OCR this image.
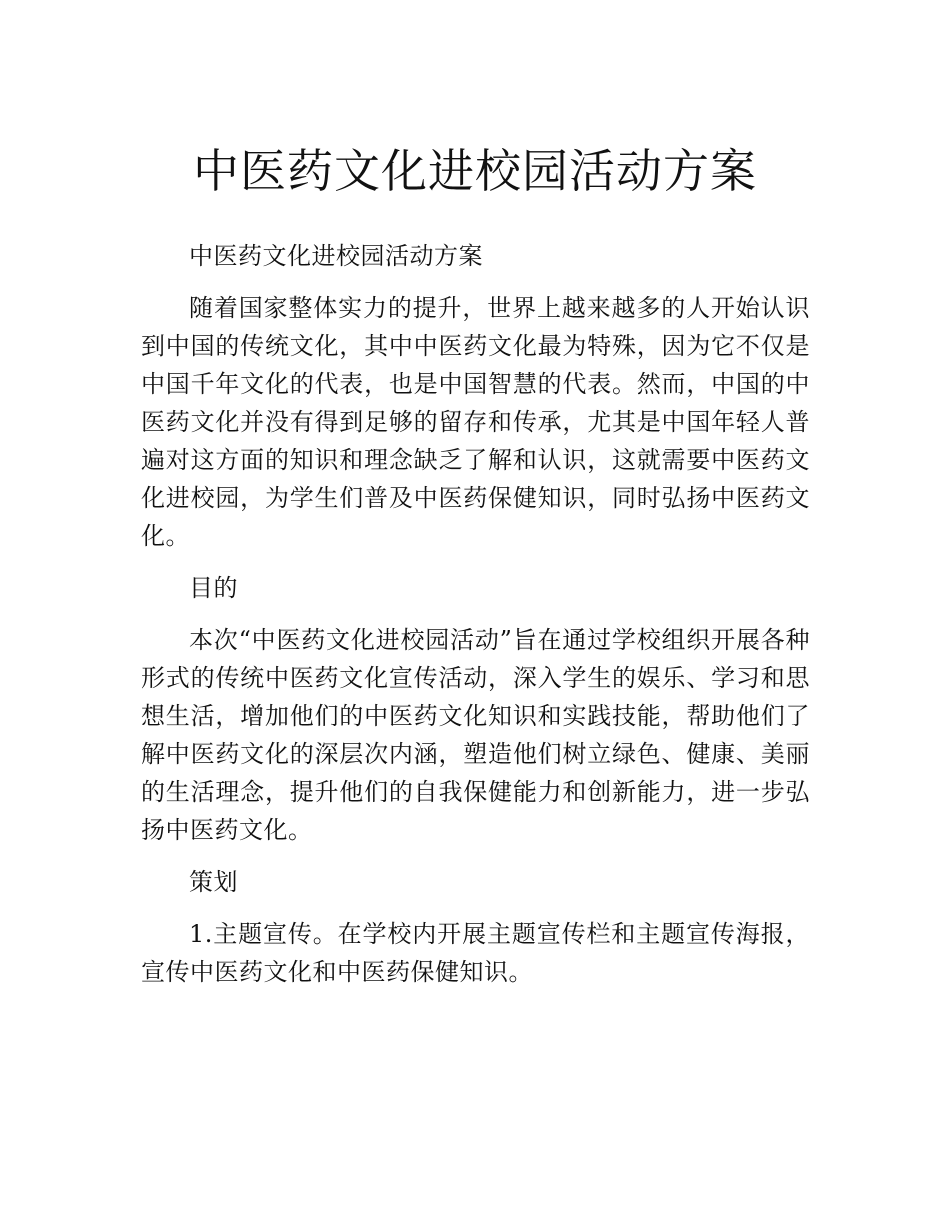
中医药文化进校园活动方案

中医药文化进校园活动方案

随着国家整体实力的提升，世界上越来越多的人开始认识到中国的传统文化，其中中医药文化最为特殊，因为它不仅是中国千年文化的代表，也是中国智慧的代表。然而，中国的中医药文化并没有得到足够的留存和传承，尤其是中国年轻人普遍对这方面的知识和理念缺乏了解和认识，这就需要中医药文化进校园，为学生们普及中医药保健知识，同时弘扬中医药文化。

目的

本次“中医药文化进校园活动”旨在通过学校组织开展各种形式的传统中医药文化宣传活动，深入学生的娱乐、学习和思想生活，增加他们的中医药文化知识和实践技能，帮助他们了解中医药文化的深层次内涵，塑造他们树立绿色、健康、美丽的生活理念，提升他们的自我保健能力和创新能力，进一步弘扬中医药文化。

策划

1.主题宣传。在学校内开展主题宣传栏和主题宣传海报，宣传中医药文化和中医药保健知识。
